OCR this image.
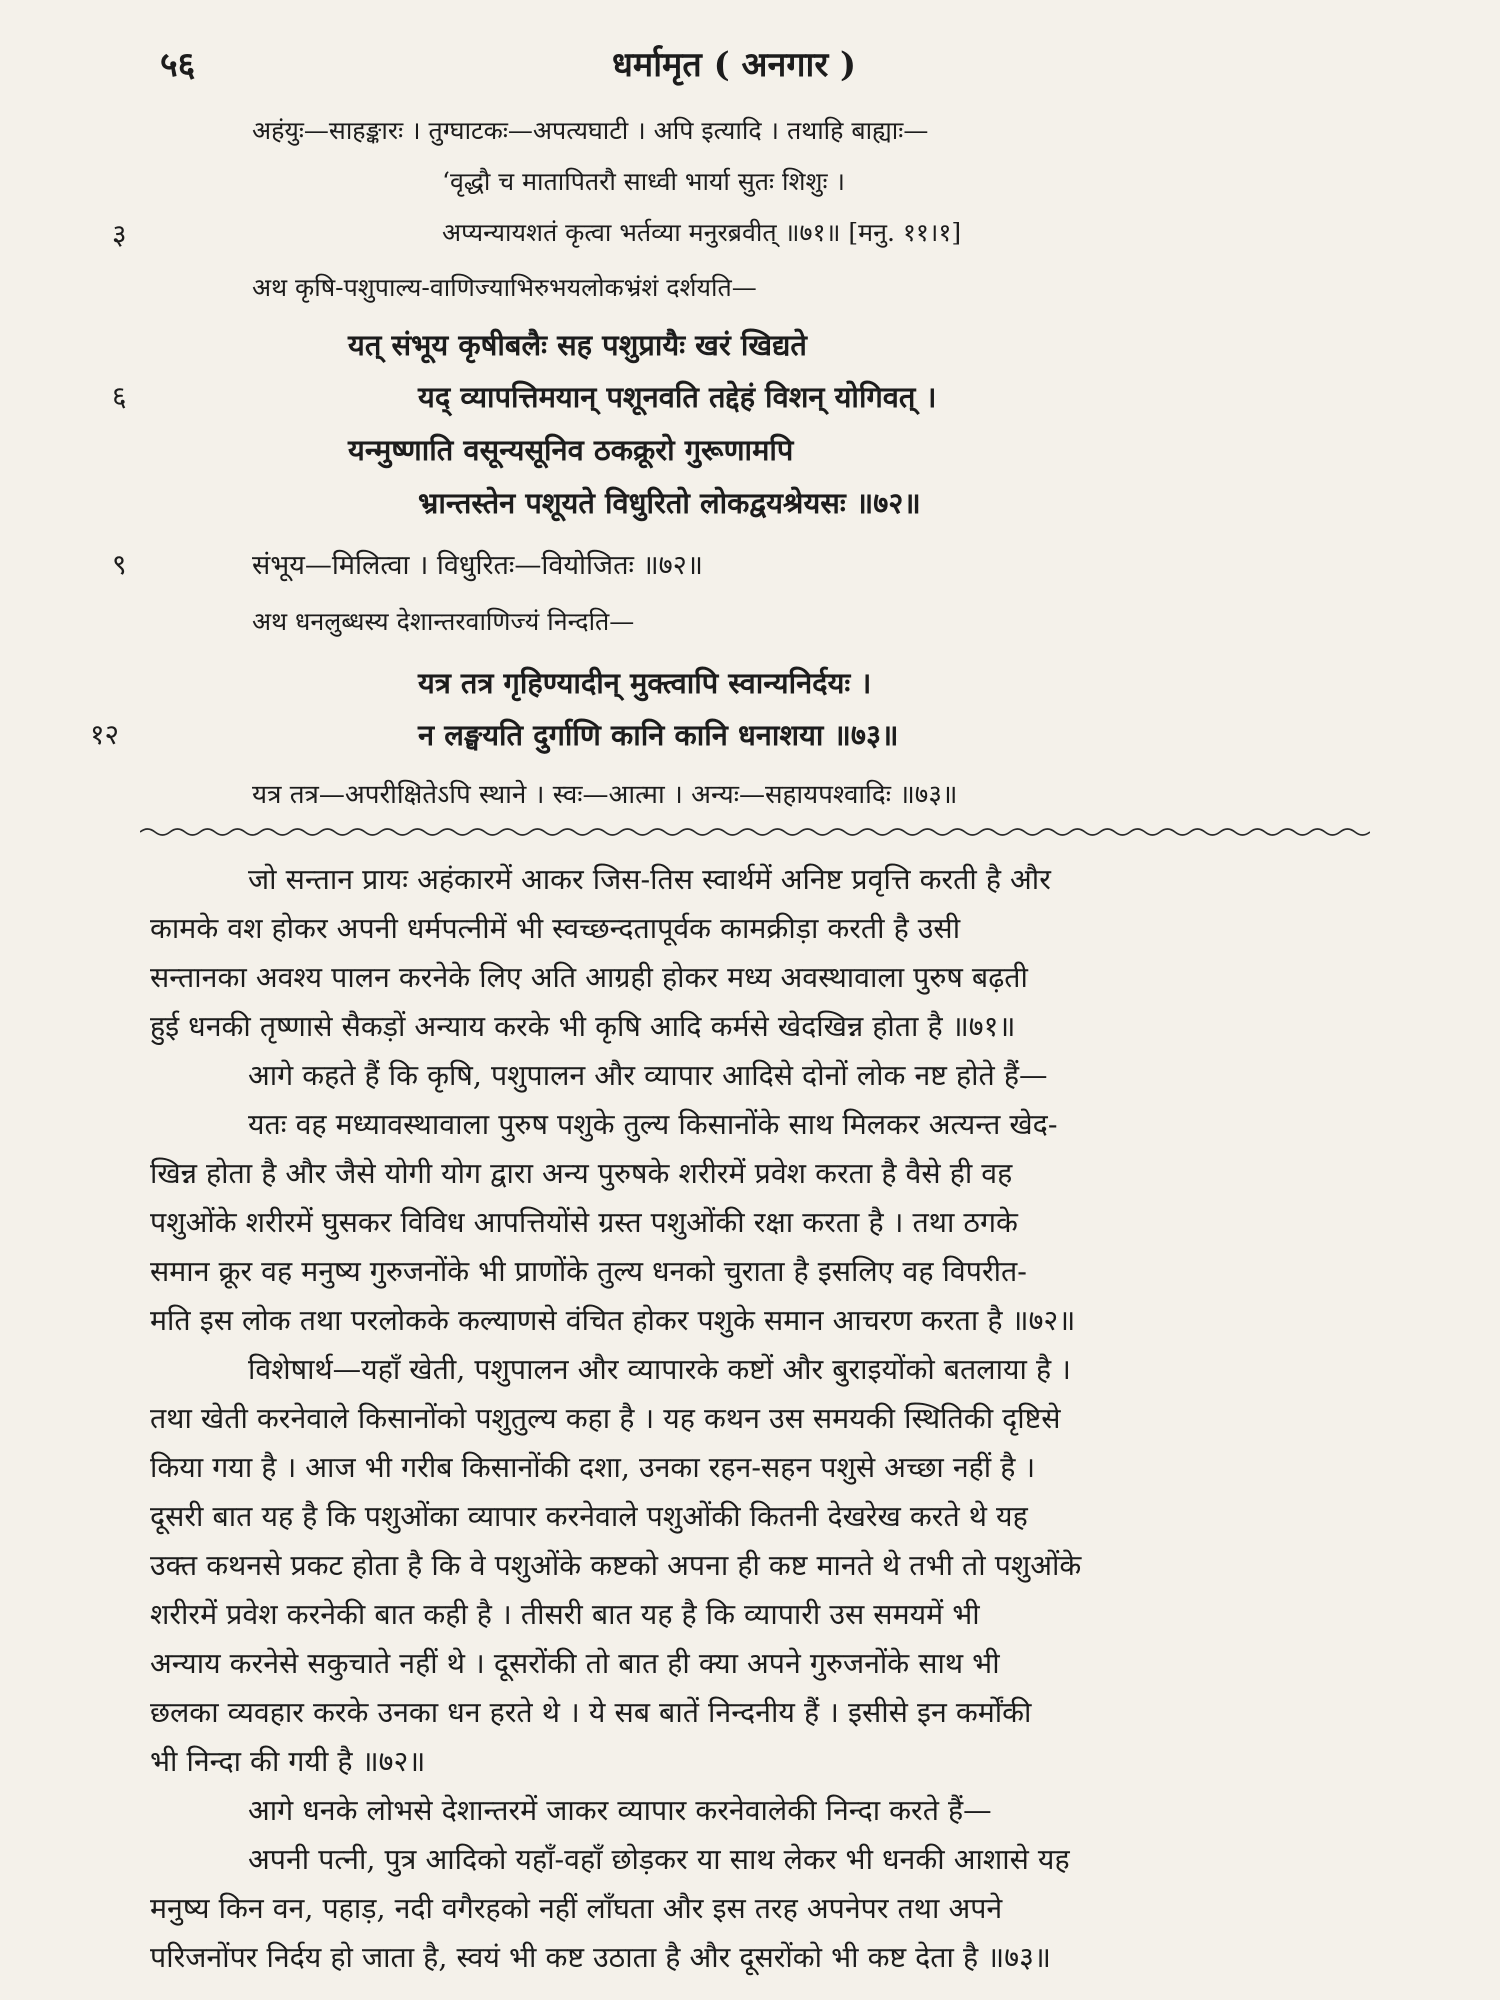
५६	धर्मामृत ( अनगार )
अहंयुः—साहङ्कारः । तुग्घाटकः—अपत्यघाटी । अपि इत्यादि । तथाहि बाह्याः—
‘वृद्धौ च मातापितरौ साध्वी भार्या सुतः शिशुः ।
३	अप्यन्यायशतं कृत्वा भर्तव्या मनुरब्रवीत् ॥७१॥ [मनु. ११।१]
अथ कृषि-पशुपाल्य-वाणिज्याभिरुभयलोकभ्रंशं दर्शयति—
यत् संभूय कृषीबलैः सह पशुप्रायैः खरं खिद्यते
६	यद् व्यापत्तिमयान् पशूनवति तद्देहं विशन् योगिवत् ।
यन्मुष्णाति वसून्यसूनिव ठकक्रूरो गुरूणामपि
भ्रान्तस्तेन पशूयते विधुरितो लोकद्वयश्रेयसः ॥७२॥
९	संभूय—मिलित्वा । विधुरितः—वियोजितः ॥७२॥
अथ धनलुब्धस्य देशान्तरवाणिज्यं निन्दति—
यत्र तत्र गृहिण्यादीन् मुक्त्वापि स्वान्यनिर्दयः ।
१२	न लङ्घयति दुर्गाणि कानि कानि धनाशया ॥७३॥
यत्र तत्र—अपरीक्षितेऽपि स्थाने । स्वः—आत्मा । अन्यः—सहायपश्वादिः ॥७३॥
जो सन्तान प्रायः अहंकारमें आकर जिस-तिस स्वार्थमें अनिष्ट प्रवृत्ति करती है और
कामके वश होकर अपनी धर्मपत्नीमें भी स्वच्छन्दतापूर्वक कामक्रीड़ा करती है उसी
सन्तानका अवश्य पालन करनेके लिए अति आग्रही होकर मध्य अवस्थावाला पुरुष बढ़ती
हुई धनकी तृष्णासे सैकड़ों अन्याय करके भी कृषि आदि कर्मसे खेदखिन्न होता है ॥७१॥
आगे कहते हैं कि कृषि, पशुपालन और व्यापार आदिसे दोनों लोक नष्ट होते हैं—
यतः वह मध्यावस्थावाला पुरुष पशुके तुल्य किसानोंके साथ मिलकर अत्यन्त खेद-
खिन्न होता है और जैसे योगी योग द्वारा अन्य पुरुषके शरीरमें प्रवेश करता है वैसे ही वह
पशुओंके शरीरमें घुसकर विविध आपत्तियोंसे ग्रस्त पशुओंकी रक्षा करता है । तथा ठगके
समान क्रूर वह मनुष्य गुरुजनोंके भी प्राणोंके तुल्य धनको चुराता है इसलिए वह विपरीत-
मति इस लोक तथा परलोकके कल्याणसे वंचित होकर पशुके समान आचरण करता है ॥७२॥
विशेषार्थ—यहाँ खेती, पशुपालन और व्यापारके कष्टों और बुराइयोंको बतलाया है ।
तथा खेती करनेवाले किसानोंको पशुतुल्य कहा है । यह कथन उस समयकी स्थितिकी दृष्टिसे
किया गया है । आज भी गरीब किसानोंकी दशा, उनका रहन-सहन पशुसे अच्छा नहीं है ।
दूसरी बात यह है कि पशुओंका व्यापार करनेवाले पशुओंकी कितनी देखरेख करते थे यह
उक्त कथनसे प्रकट होता है कि वे पशुओंके कष्टको अपना ही कष्ट मानते थे तभी तो पशुओंके
शरीरमें प्रवेश करनेकी बात कही है । तीसरी बात यह है कि व्यापारी उस समयमें भी
अन्याय करनेसे सकुचाते नहीं थे । दूसरोंकी तो बात ही क्या अपने गुरुजनोंके साथ भी
छलका व्यवहार करके उनका धन हरते थे । ये सब बातें निन्दनीय हैं । इसीसे इन कर्मोंकी
भी निन्दा की गयी है ॥७२॥
आगे धनके लोभसे देशान्तरमें जाकर व्यापार करनेवालेकी निन्दा करते हैं—
अपनी पत्नी, पुत्र आदिको यहाँ-वहाँ छोड़कर या साथ लेकर भी धनकी आशासे यह
मनुष्य किन वन, पहाड़, नदी वगैरहको नहीं लाँघता और इस तरह अपनेपर तथा अपने
परिजनोंपर निर्दय हो जाता है, स्वयं भी कष्ट उठाता है और दूसरोंको भी कष्ट देता है ॥७३॥
